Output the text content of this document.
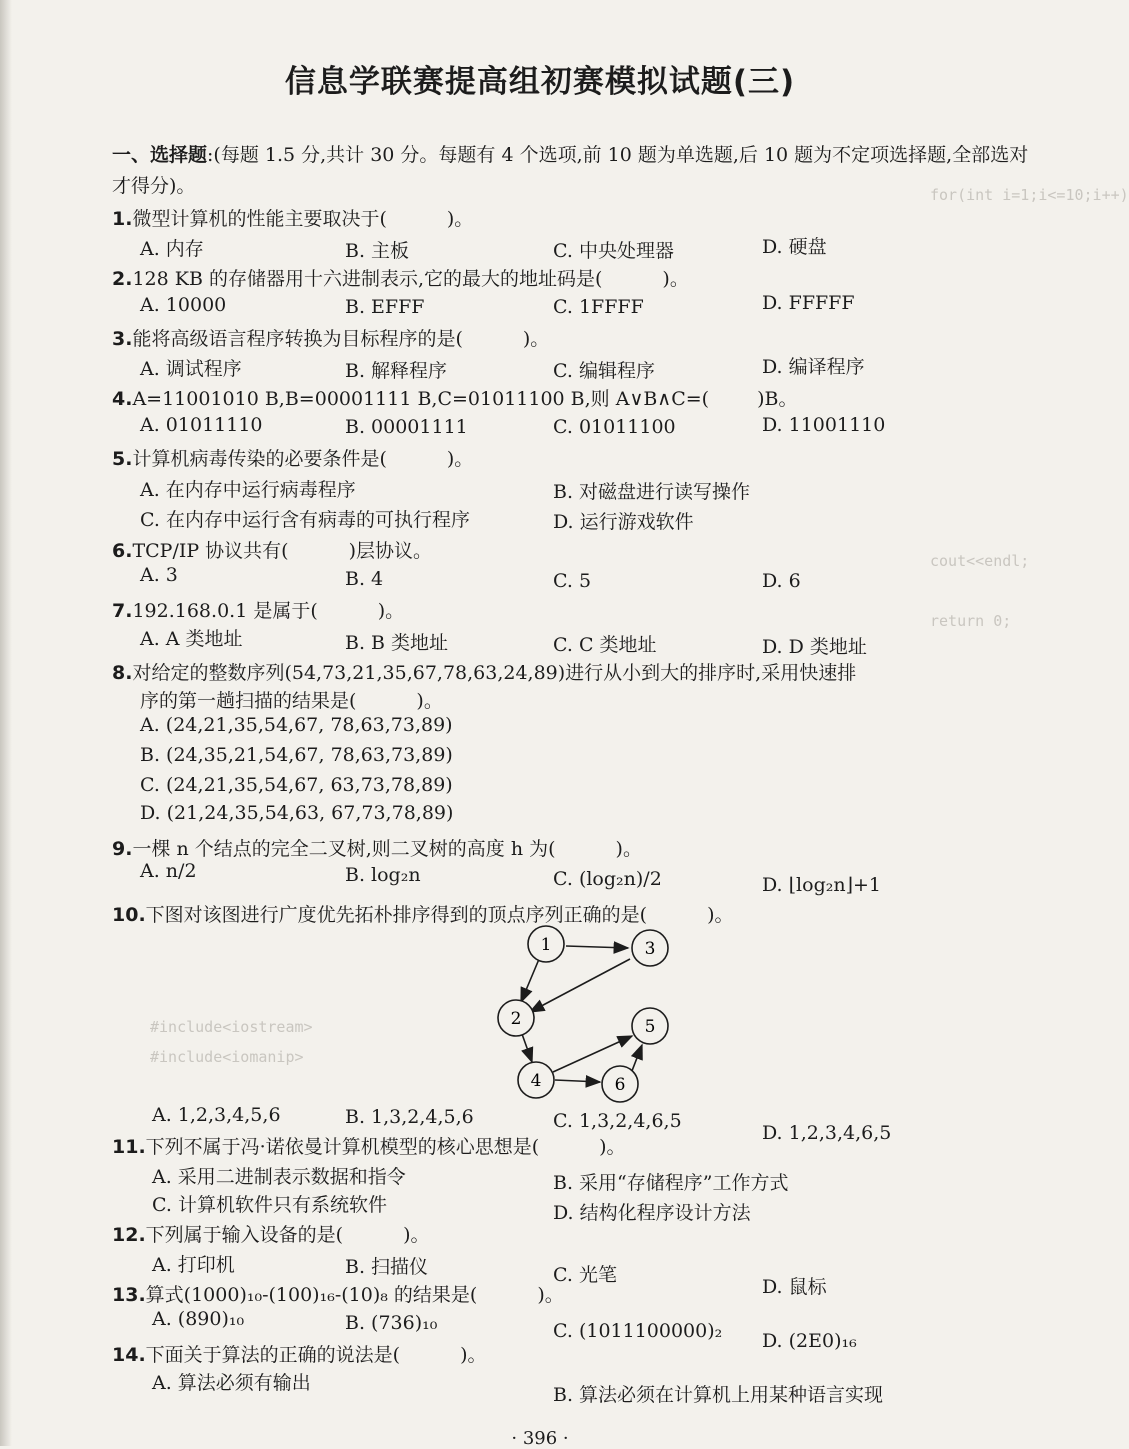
for(int i=1;i<=10;i++)
cout<<endl;
return 0;
#include<iostream>
#include<iomanip>
信息学联赛提高组初赛模拟试题(三)
一、选择题:(每题 1.5 分,共计 30 分。每题有 4 个选项,前 10 题为单选题,后 10 题为不定项选择题,全部选对才得分)。
1.微型计算机的性能主要取决于(	)。
A. 内存	B. 主板	C. 中央处理器	D. 硬盘
2.128 KB 的存储器用十六进制表示,它的最大的地址码是(	)。
A. 10000	B. EFFF	C. 1FFFF	D. FFFFF
3.能将高级语言程序转换为目标程序的是(	)。
A. 调试程序	B. 解释程序	C. 编辑程序	D. 编译程序
4.A=11001010 B,B=00001111 B,C=01011100 B,则 A∨B∧C=(	)B。
A. 01011110	B. 00001111	C. 01011100	D. 11001110
5.计算机病毒传染的必要条件是(	)。
A. 在内存中运行病毒程序	B. 对磁盘进行读写操作
C. 在内存中运行含有病毒的可执行程序	D. 运行游戏软件
6.TCP/IP 协议共有(	)层协议。
A. 3	B. 4	C. 5	D. 6
7.192.168.0.1 是属于(	)。
A. A 类地址	B. B 类地址	C. C 类地址	D. D 类地址
8.对给定的整数序列(54,73,21,35,67,78,63,24,89)进行从小到大的排序时,采用快速排
序的第一趟扫描的结果是(	)。
A. (24,21,35,54,67, 78,63,73,89)
B. (24,35,21,54,67, 78,63,73,89)
C. (24,21,35,54,67, 63,73,78,89)
D. (21,24,35,54,63, 67,73,78,89)
9.一棵 n 个结点的完全二叉树,则二叉树的高度 h 为(	)。
A. n/2	B. log₂n	C. (log₂n)/2	D. ⌊log₂n⌋+1
10.下图对该图进行广度优先拓朴排序得到的顶点序列正确的是(	)。
1
2
3
4
5
6
A. 1,2,3,4,5,6	B. 1,3,2,4,5,6	C. 1,3,2,4,6,5
D. 1,2,3,4,6,5
11.下列不属于冯·诺依曼计算机模型的核心思想是(	)。
A. 采用二进制表示数据和指令	B. 采用“存储程序”工作方式
C. 计算机软件只有系统软件	D. 结构化程序设计方法
12.下列属于输入设备的是(	)。
A. 打印机	B. 扫描仪	C. 光笔
D. 鼠标
13.算式(1000)₁₀-(100)₁₆-(10)₈ 的结果是(	)。
A. (890)₁₀	B. (736)₁₀	C. (1011100000)₂ D. (2E0)₁₆
14.下面关于算法的正确的说法是(	)。
A. 算法必须有输出
B. 算法必须在计算机上用某种语言实现
· 396 ·
